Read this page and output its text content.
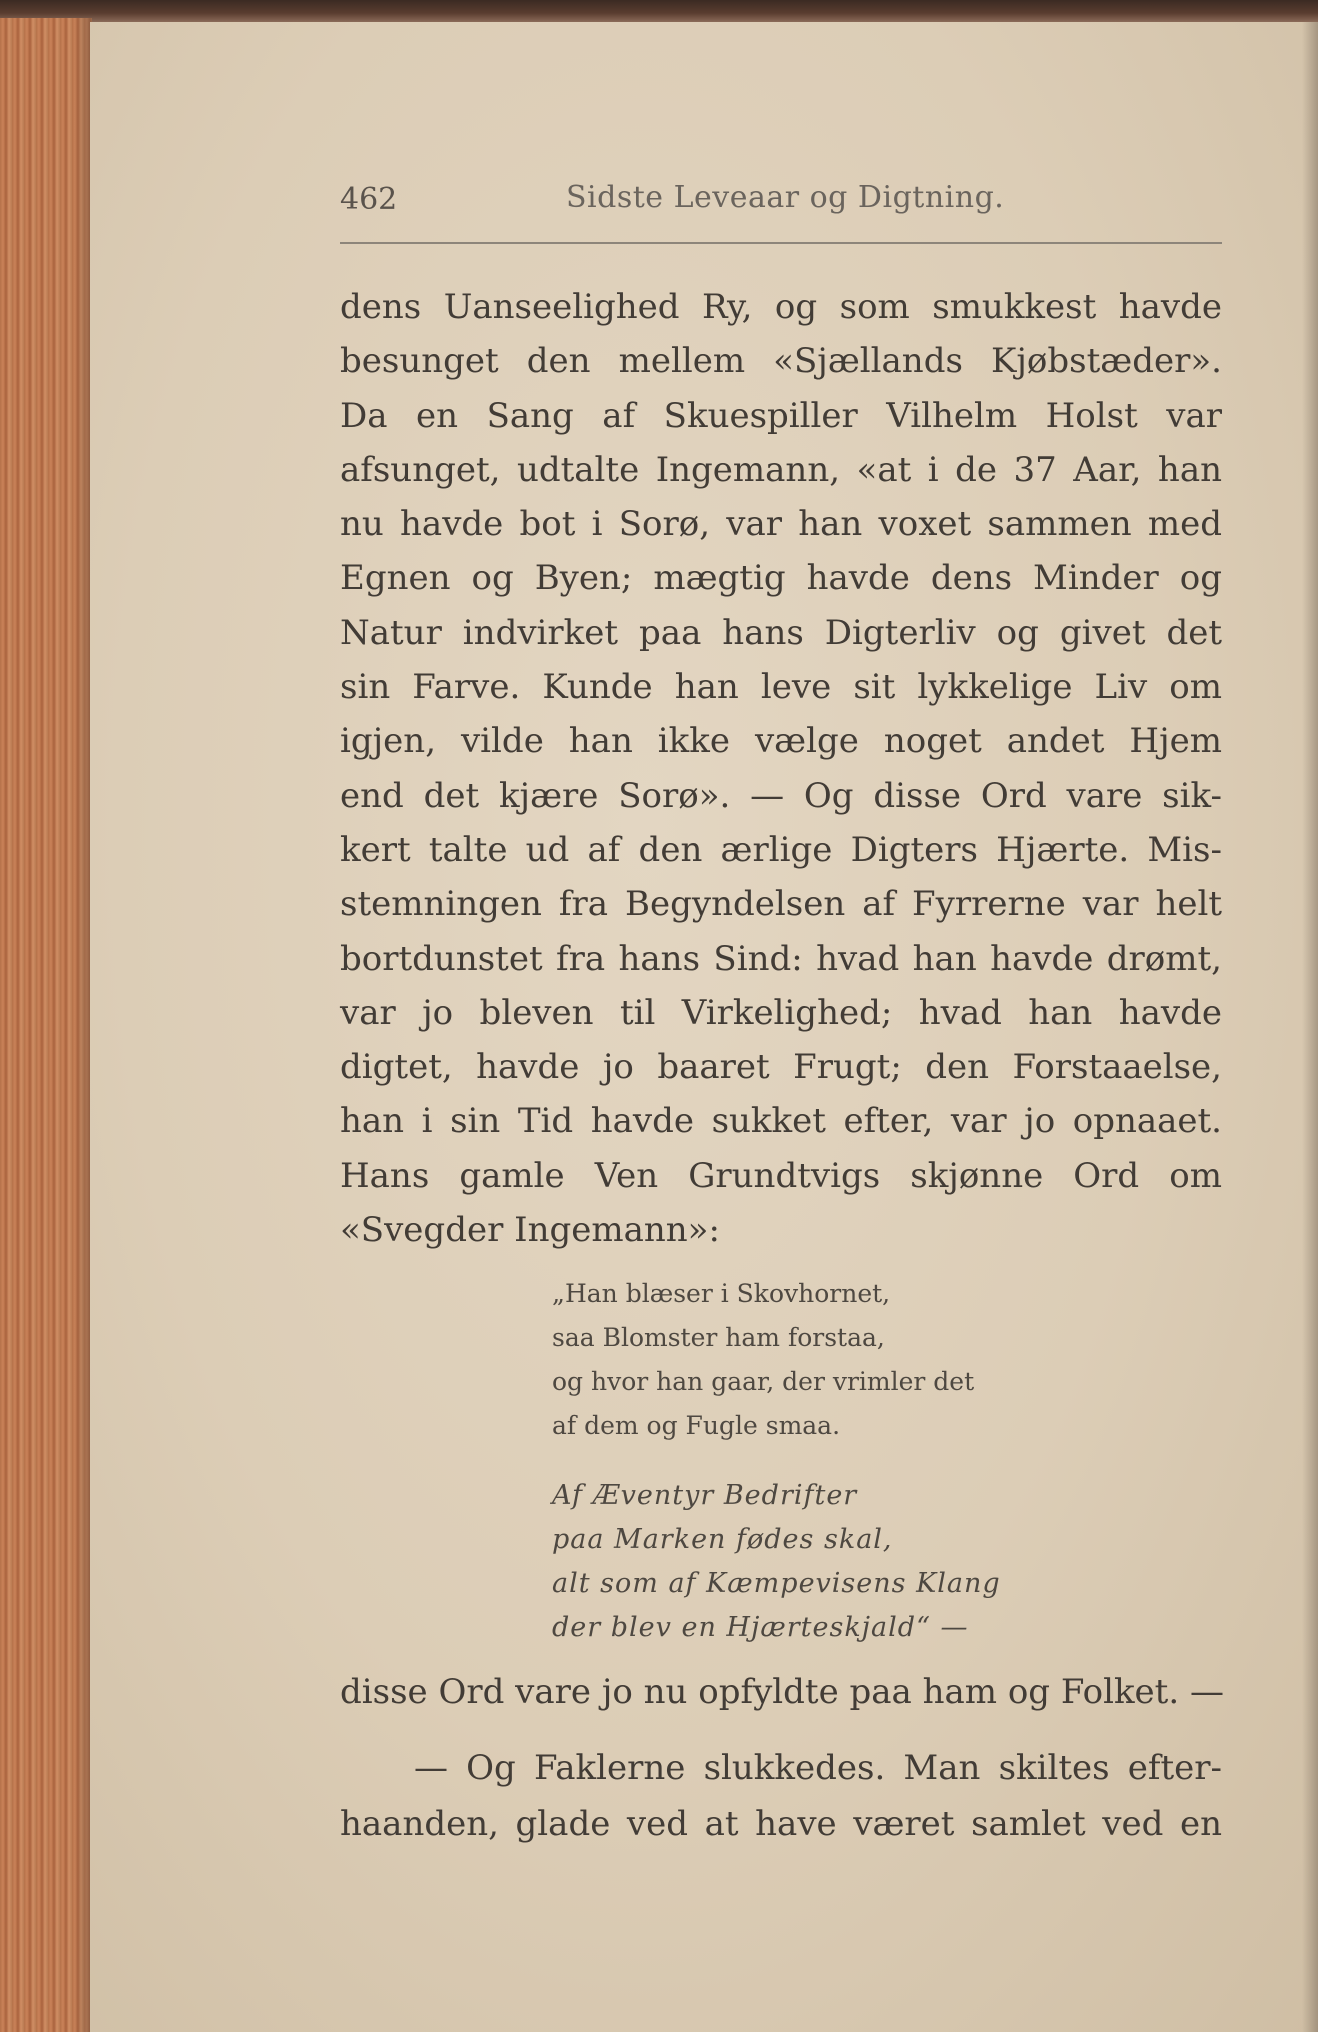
462	Sidste Leveaar og Digtning.
dens Uanseelighed Ry, og som smukkest havde
besunget den mellem «Sjællands Kjøbstæder».
Da en Sang af Skuespiller Vilhelm Holst var
afsunget, udtalte Ingemann, «at i de 37 Aar, han
nu havde bot i Sorø, var han voxet sammen med
Egnen og Byen; mægtig havde dens Minder og
Natur indvirket paa hans Digterliv og givet det
sin Farve. Kunde han leve sit lykkelige Liv om
igjen, vilde han ikke vælge noget andet Hjem
end det kjære Sorø». — Og disse Ord vare sik-
kert talte ud af den ærlige Digters Hjærte. Mis-
stemningen fra Begyndelsen af Fyrrerne var helt
bortdunstet fra hans Sind: hvad han havde drømt,
var jo bleven til Virkelighed; hvad han havde
digtet, havde jo baaret Frugt; den Forstaaelse,
han i sin Tid havde sukket efter, var jo opnaaet.
Hans gamle Ven Grundtvigs skjønne Ord om
«Svegder Ingemann»:
„Han blæser i Skovhornet,
saa Blomster ham forstaa,
og hvor han gaar, der vrimler det
af dem og Fugle smaa.
Af Æventyr Bedrifter
paa Marken fødes skal,
alt som af Kæmpevisens Klang
der blev en Hjærteskjald“ —
disse Ord vare jo nu opfyldte paa ham og Folket. —
— Og Faklerne slukkedes. Man skiltes efter-
haanden, glade ved at have været samlet ved en
